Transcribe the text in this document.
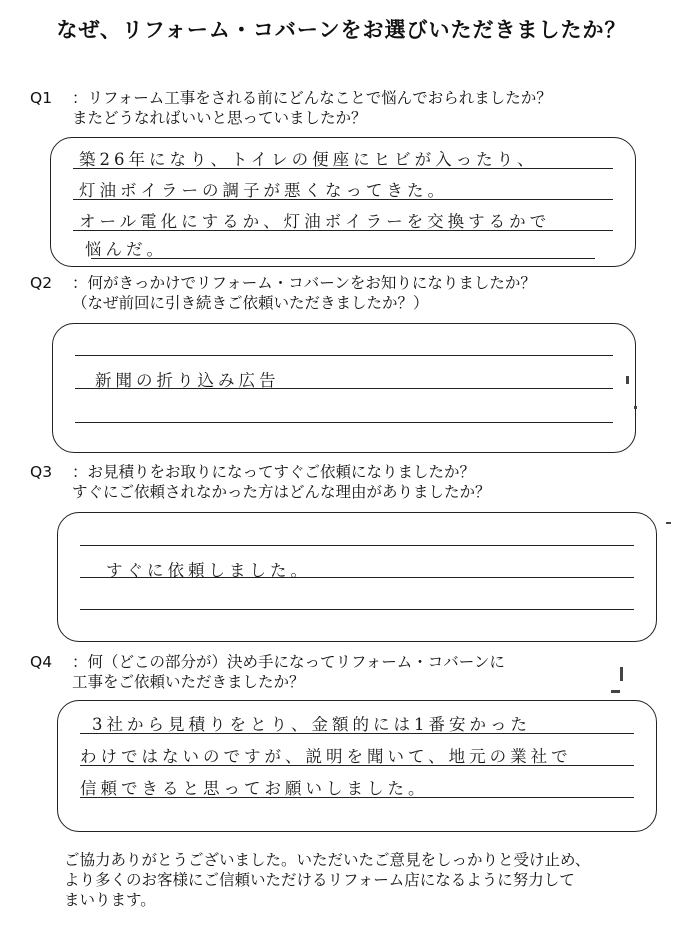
なぜ、リフォーム・コバーンをお選びいただきましたか？
Q1 ：リフォーム工事をされる前にどんなことで悩んでおられましたか？
またどうなればいいと思っていましたか？
築26年になり、トイレの便座にヒビが入ったり、
灯油ボイラーの調子が悪くなってきた。
オール電化にするか、灯油ボイラーを交換するかで
悩んだ。
Q2 ：何がきっかけでリフォーム・コバーンをお知りになりましたか？
（なぜ前回に引き続きご依頼いただきましたか？）
新聞の折り込み広告
Q3 ：お見積りをお取りになってすぐご依頼になりましたか？
すぐにご依頼されなかった方はどんな理由がありましたか？
すぐに依頼しました。
Q4 ：何（どこの部分が）決め手になってリフォーム・コバーンに
工事をご依頼いただきましたか？
3社から見積りをとり、金額的には1番安かった
わけではないのですが、説明を聞いて、地元の業社で
信頼できると思ってお願いしました。
ご協力ありがとうございました。いただいたご意見をしっかりと受け止め、
より多くのお客様にご信頼いただけるリフォーム店になるように努力して
まいります。
